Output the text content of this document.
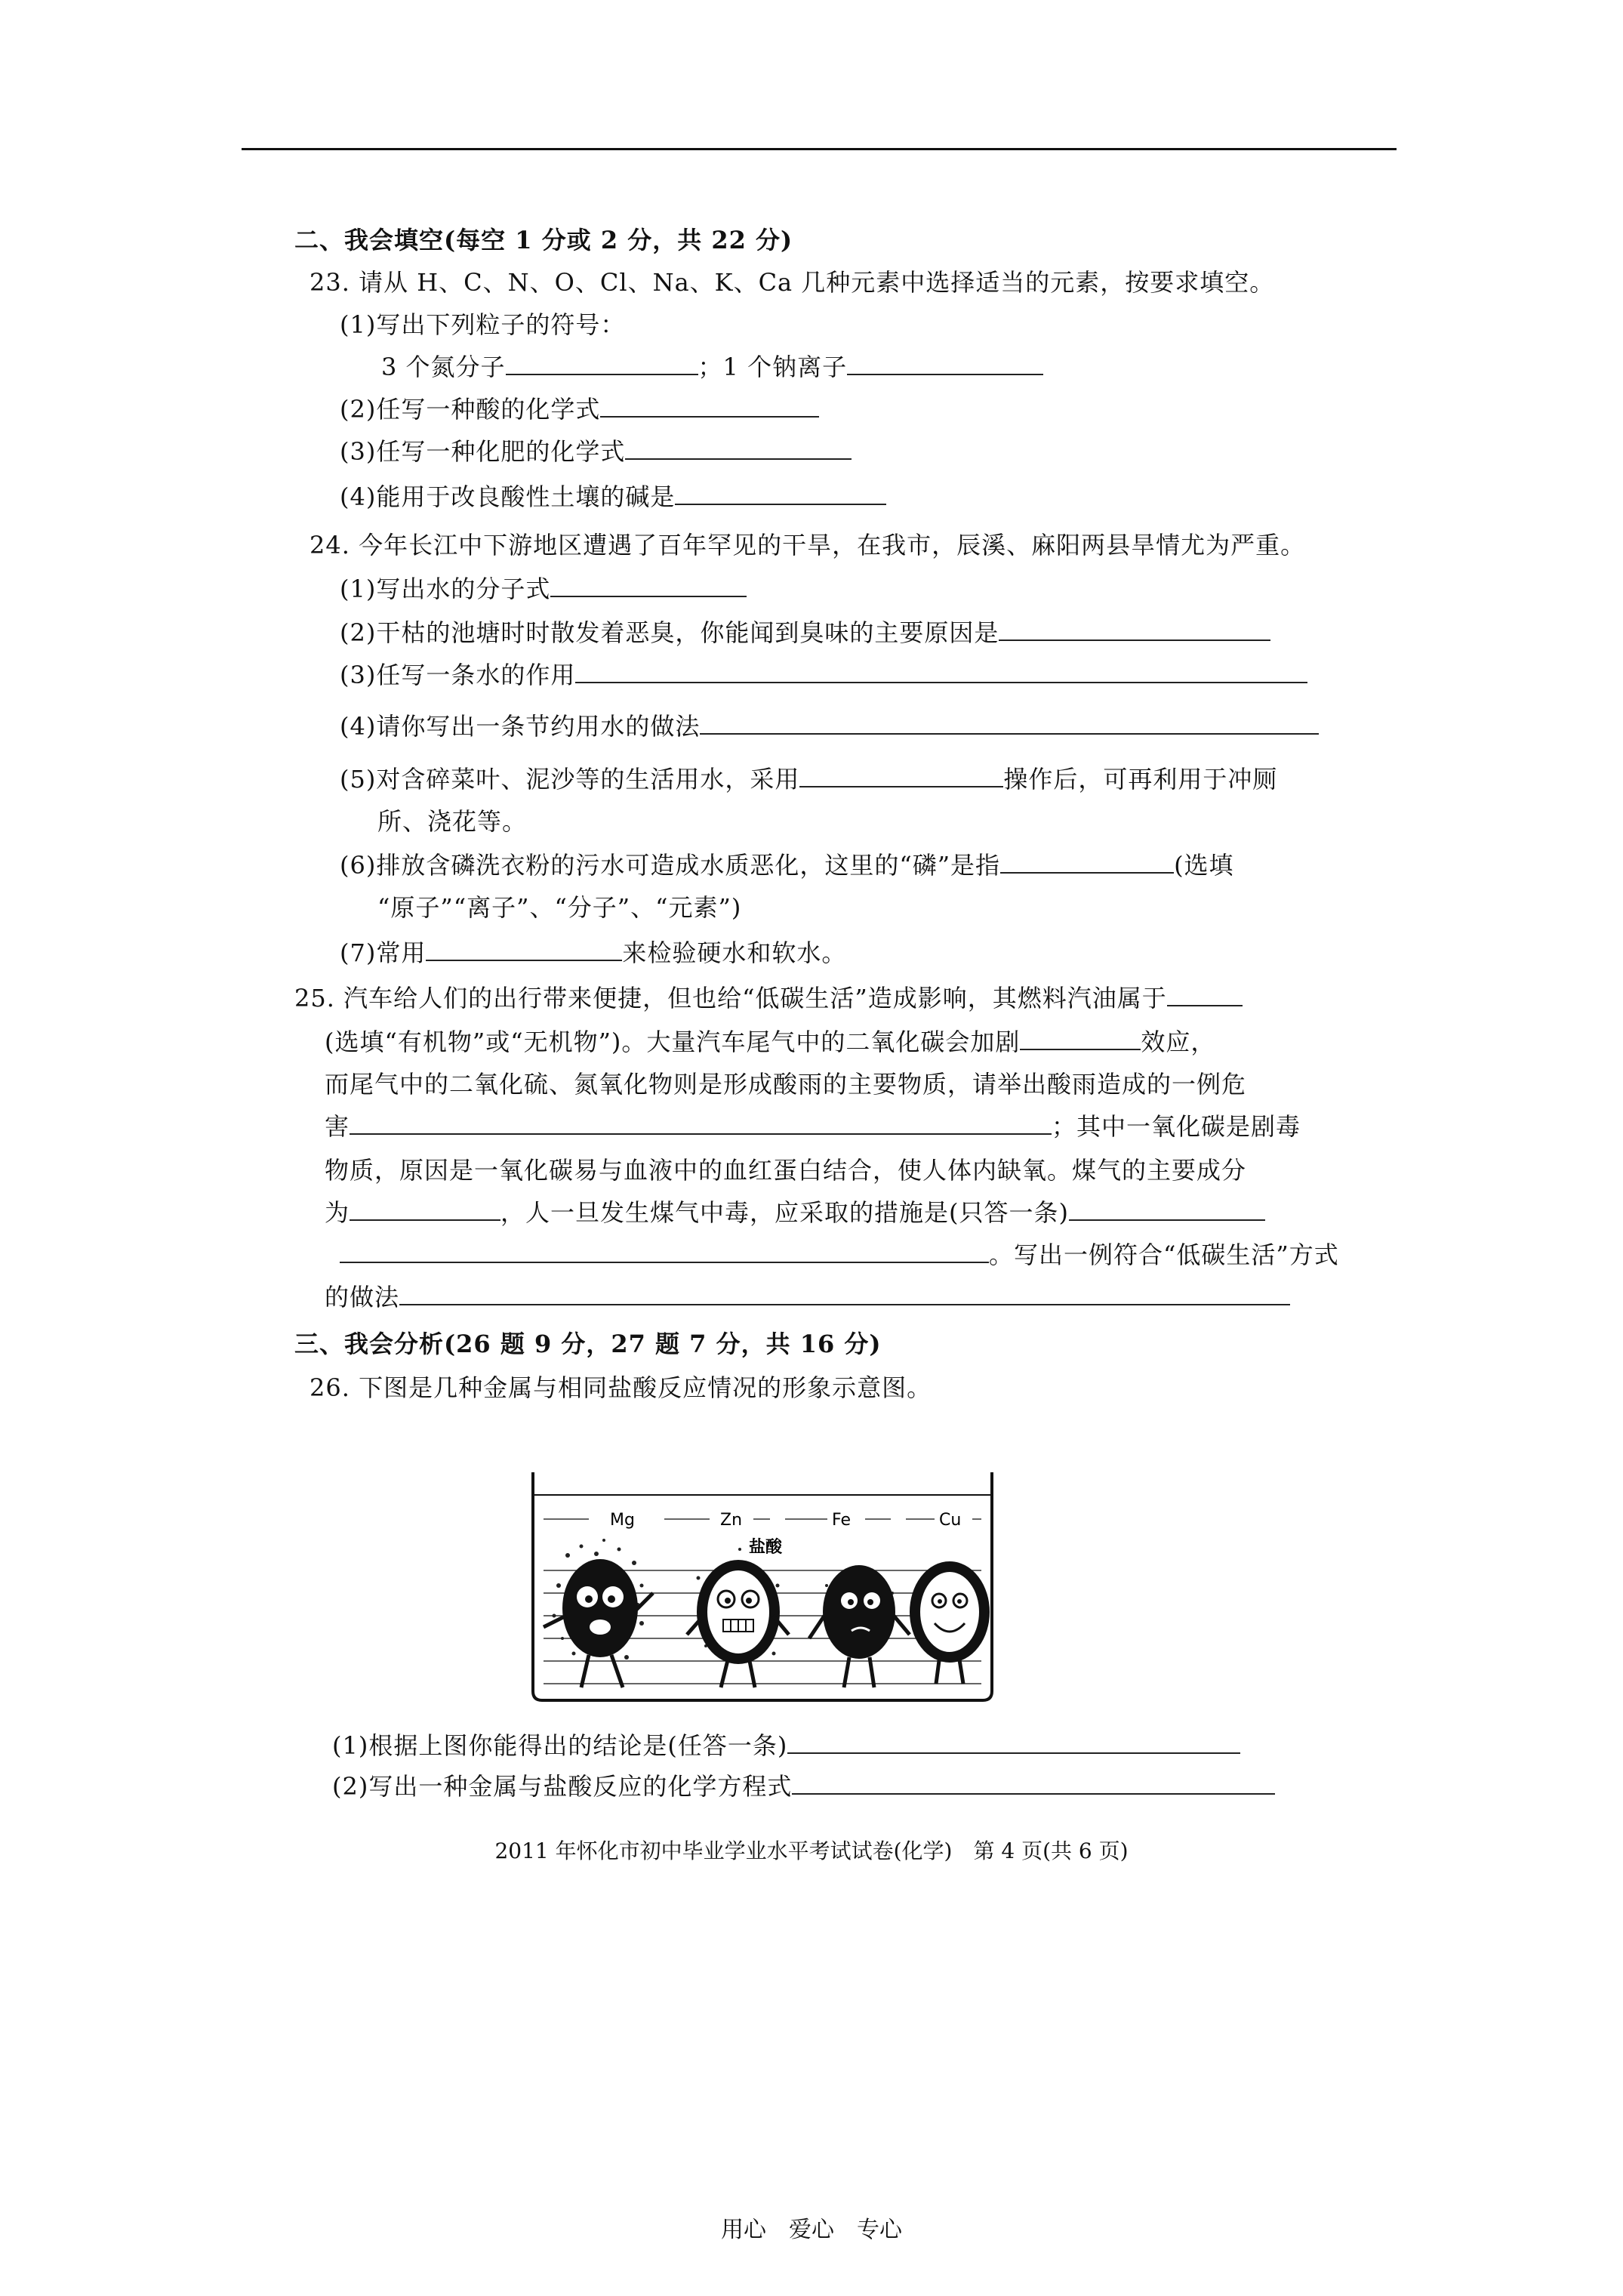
二、我会填空(每空 1 分或 2 分，共 22 分)
23. 请从 H、C、N、O、Cl、Na、K、Ca 几种元素中选择适当的元素，按要求填空。
(1)写出下列粒子的符号：
3 个氮分子	；1 个钠离子
(2)任写一种酸的化学式
(3)任写一种化肥的化学式
(4)能用于改良酸性土壤的碱是
24. 今年长江中下游地区遭遇了百年罕见的干旱，在我市，辰溪、麻阳两县旱情尤为严重。
(1)写出水的分子式
(2)干枯的池塘时时散发着恶臭，你能闻到臭味的主要原因是
(3)任写一条水的作用
(4)请你写出一条节约用水的做法
(5)对含碎菜叶、泥沙等的生活用水，采用	操作后，可再利用于冲厕
所、浇花等。
(6)排放含磷洗衣粉的污水可造成水质恶化，这里的“磷”是指	(选填
“原子”“离子”、“分子”、“元素”)
(7)常用	来检验硬水和软水。
25. 汽车给人们的出行带来便捷，但也给“低碳生活”造成影响，其燃料汽油属于
(选填“有机物”或“无机物”)。大量汽车尾气中的二氧化碳会加剧	效应，
而尾气中的二氧化硫、氮氧化物则是形成酸雨的主要物质，请举出酸雨造成的一例危
害	；其中一氧化碳是剧毒
物质，原因是一氧化碳易与血液中的血红蛋白结合，使人体内缺氧。煤气的主要成分
为	，人一旦发生煤气中毒，应采取的措施是(只答一条)
。写出一例符合“低碳生活”方式
的做法
三、我会分析(26 题 9 分，27 题 7 分，共 16 分)
26. 下图是几种金属与相同盐酸反应情况的形象示意图。
Mg	Zn	Fe	Cu
盐酸
(1)根据上图你能得出的结论是(任答一条)
(2)写出一种金属与盐酸反应的化学方程式
2011 年怀化市初中毕业学业水平考试试卷(化学)　第 4 页(共 6 页)
用心　爱心　专心
